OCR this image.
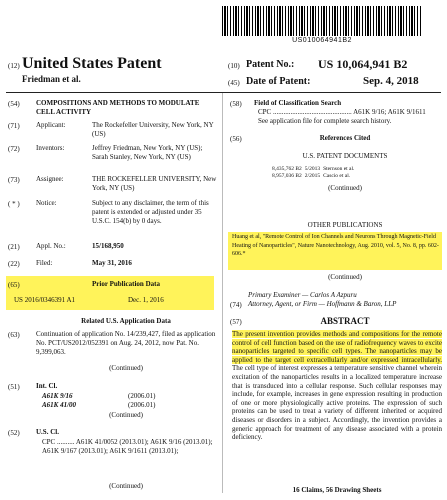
US010064941B2
(12) United States Patent
Friedman et al.
(10) Patent No.: US 10,064,941 B2
(45) Date of Patent:	Sep. 4, 2018
(54) COMPOSITIONS AND METHODS TO MODULATE CELL ACTIVITY
(71) Applicant:	The Rockefeller University, New York, NY (US)
(72) Inventors:	Jeffrey Friedman, New York, NY (US); Sarah Stanley, New York, NY (US)
(73) Assignee:	THE ROCKEFELLER UNIVERSITY, New York, NY (US)
( * ) Notice:	Subject to any disclaimer, the term of this patent is extended or adjusted under 35 U.S.C. 154(b) by 0 days.
(21) Appl. No.:	15/168,950
(22) Filed:	May 31, 2016
(65)	Prior Publication Data
US 2016/0346391 A1	Dec. 1, 2016
Related U.S. Application Data
(63) Continuation of application No. 14/239,427, filed as application No. PCT/US2012/052391 on Aug. 24, 2012, now Pat. No. 9,399,063.
(Continued)
(51) Int. Cl.
A61K 9/16	(2006.01)
A61K 41/00	(2006.01)
(Continued)
(52) U.S. Cl.
CPC .......... A61K 41/0052 (2013.01); A61K 9/16 (2013.01); A61K 9/167 (2013.01); A61K 9/1611 (2013.01);
(Continued)
(58) Field of Classification Search
CPC ............................................. A61K 9/16; A61K 9/1611
See application file for complete search history.
(56)	References Cited
U.S. PATENT DOCUMENTS
8,435,762 B2	5/2013	Sternson et al.
8,957,036 B2	2/2015	Cascio et al.
(Continued)
OTHER PUBLICATIONS
Huang et al, "Remote Control of Ion Channels and Neurons Through Magnetic-Field Heating of Nanoparticles", Nature Nanotechnology, Aug. 2010, vol. 5, No. 8, pp. 602-606.*
(Continued)
Primary Examiner — Carlos A Azpuru
(74) Attorney, Agent, or Firm — Hoffmann & Baron, LLP
(57)	ABSTRACT
The present invention provides methods and compositions for the remote control of cell function based on the use of radiofrequency waves to excite nanoparticles targeted to specific cell types. The nanoparticles may be applied to the target cell extracellularly and/or expressed intracellularly. The cell type of interest expresses a temperature sensitive channel wherein excitation of the nanoparticles results in a localized temperature increase that is transduced into a cellular response. Such cellular responses may include, for example, increases in gene expression resulting in production of one or more physiologically active proteins. The expression of such proteins can be used to treat a variety of different inherited or acquired diseases or disorders in a subject. Accordingly, the invention provides a generic approach for treatment of any disease associated with a protein deficiency.
16 Claims, 56 Drawing Sheets
